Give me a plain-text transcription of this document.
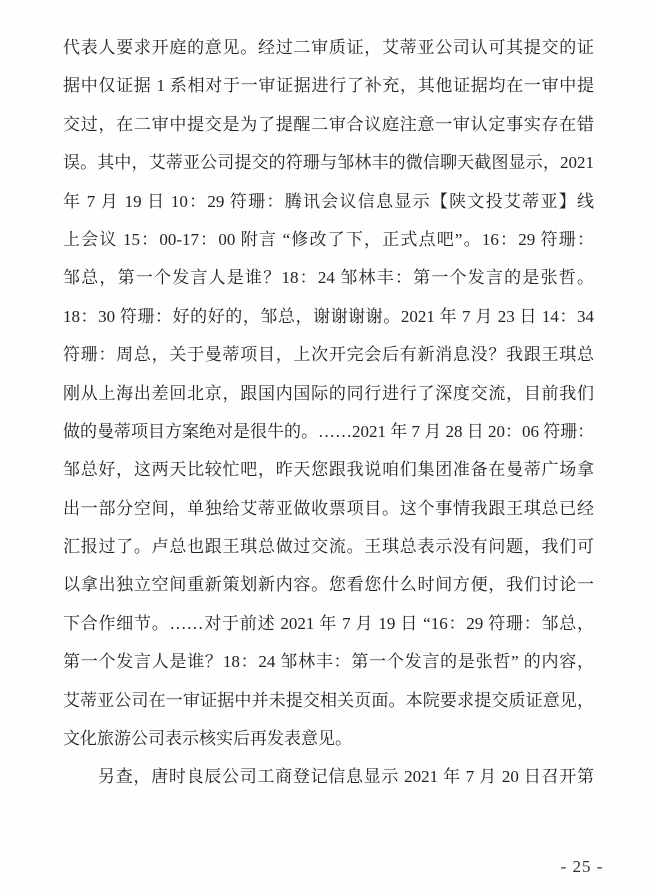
代表人要求开庭的意见。经过二审质证，艾蒂亚公司认可其提交的证
据中仅证据 1 系相对于一审证据进行了补充，其他证据均在一审中提
交过，在二审中提交是为了提醒二审合议庭注意一审认定事实存在错
误。其中，艾蒂亚公司提交的符珊与邹林丰的微信聊天截图显示，2021
年 7 月 19 日 10：29 符珊：腾讯会议信息显示【陕文投艾蒂亚】线
上会议 15：00-17：00 附言 “修改了下，正式点吧”。16：29 符珊：
邹总，第一个发言人是谁？18：24 邹林丰：第一个发言的是张哲。
18：30 符珊：好的好的，邹总，谢谢谢谢。2021 年 7 月 23 日 14：34
符珊：周总，关于曼蒂项目，上次开完会后有新消息没？我跟王琪总
刚从上海出差回北京，跟国内国际的同行进行了深度交流，目前我们
做的曼蒂项目方案绝对是很牛的。……2021 年 7 月 28 日 20：06 符珊：
邹总好，这两天比较忙吧，昨天您跟我说咱们集团准备在曼蒂广场拿
出一部分空间，单独给艾蒂亚做收票项目。这个事情我跟王琪总已经
汇报过了。卢总也跟王琪总做过交流。王琪总表示没有问题，我们可
以拿出独立空间重新策划新内容。您看您什么时间方便，我们讨论一
下合作细节。……对于前述 2021 年 7 月 19 日 “16：29 符珊：邹总，
第一个发言人是谁？18：24 邹林丰：第一个发言的是张哲” 的内容，
艾蒂亚公司在一审证据中并未提交相关页面。本院要求提交质证意见，
文化旅游公司表示核实后再发表意见。
另查，唐时良辰公司工商登记信息显示 2021 年 7 月 20 日召开第
- 25 -
